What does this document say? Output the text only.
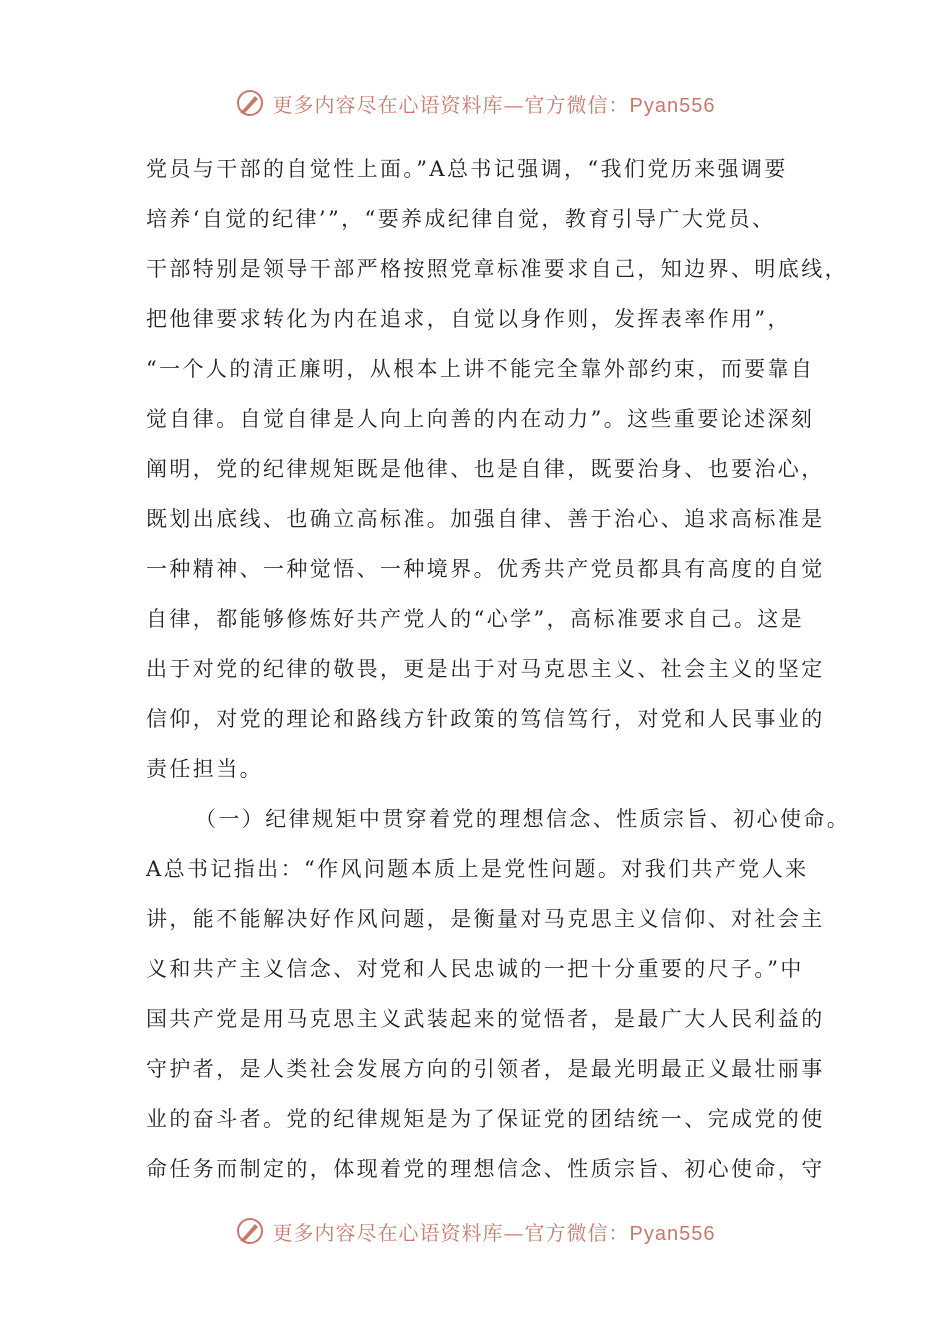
更多内容尽在心语资料库—官方微信：Pyan556
党员与干部的自觉性上面。”A总书记强调，“我们党历来强调要
培养‘自觉的纪律’”，“要养成纪律自觉，教育引导广大党员、
干部特别是领导干部严格按照党章标准要求自己，知边界、明底线，
把他律要求转化为内在追求，自觉以身作则，发挥表率作用”，
“一个人的清正廉明，从根本上讲不能完全靠外部约束，而要靠自
觉自律。自觉自律是人向上向善的内在动力”。这些重要论述深刻
阐明，党的纪律规矩既是他律、也是自律，既要治身、也要治心，
既划出底线、也确立高标准。加强自律、善于治心、追求高标准是
一种精神、一种觉悟、一种境界。优秀共产党员都具有高度的自觉
自律，都能够修炼好共产党人的“心学”，高标准要求自己。这是
出于对党的纪律的敬畏，更是出于对马克思主义、社会主义的坚定
信仰，对党的理论和路线方针政策的笃信笃行，对党和人民事业的
责任担当。
（一）纪律规矩中贯穿着党的理想信念、性质宗旨、初心使命。
A总书记指出：“作风问题本质上是党性问题。对我们共产党人来
讲，能不能解决好作风问题，是衡量对马克思主义信仰、对社会主
义和共产主义信念、对党和人民忠诚的一把十分重要的尺子。”中
国共产党是用马克思主义武装起来的觉悟者，是最广大人民利益的
守护者，是人类社会发展方向的引领者，是最光明最正义最壮丽事
业的奋斗者。党的纪律规矩是为了保证党的团结统一、完成党的使
命任务而制定的，体现着党的理想信念、性质宗旨、初心使命，守
更多内容尽在心语资料库—官方微信：Pyan556
